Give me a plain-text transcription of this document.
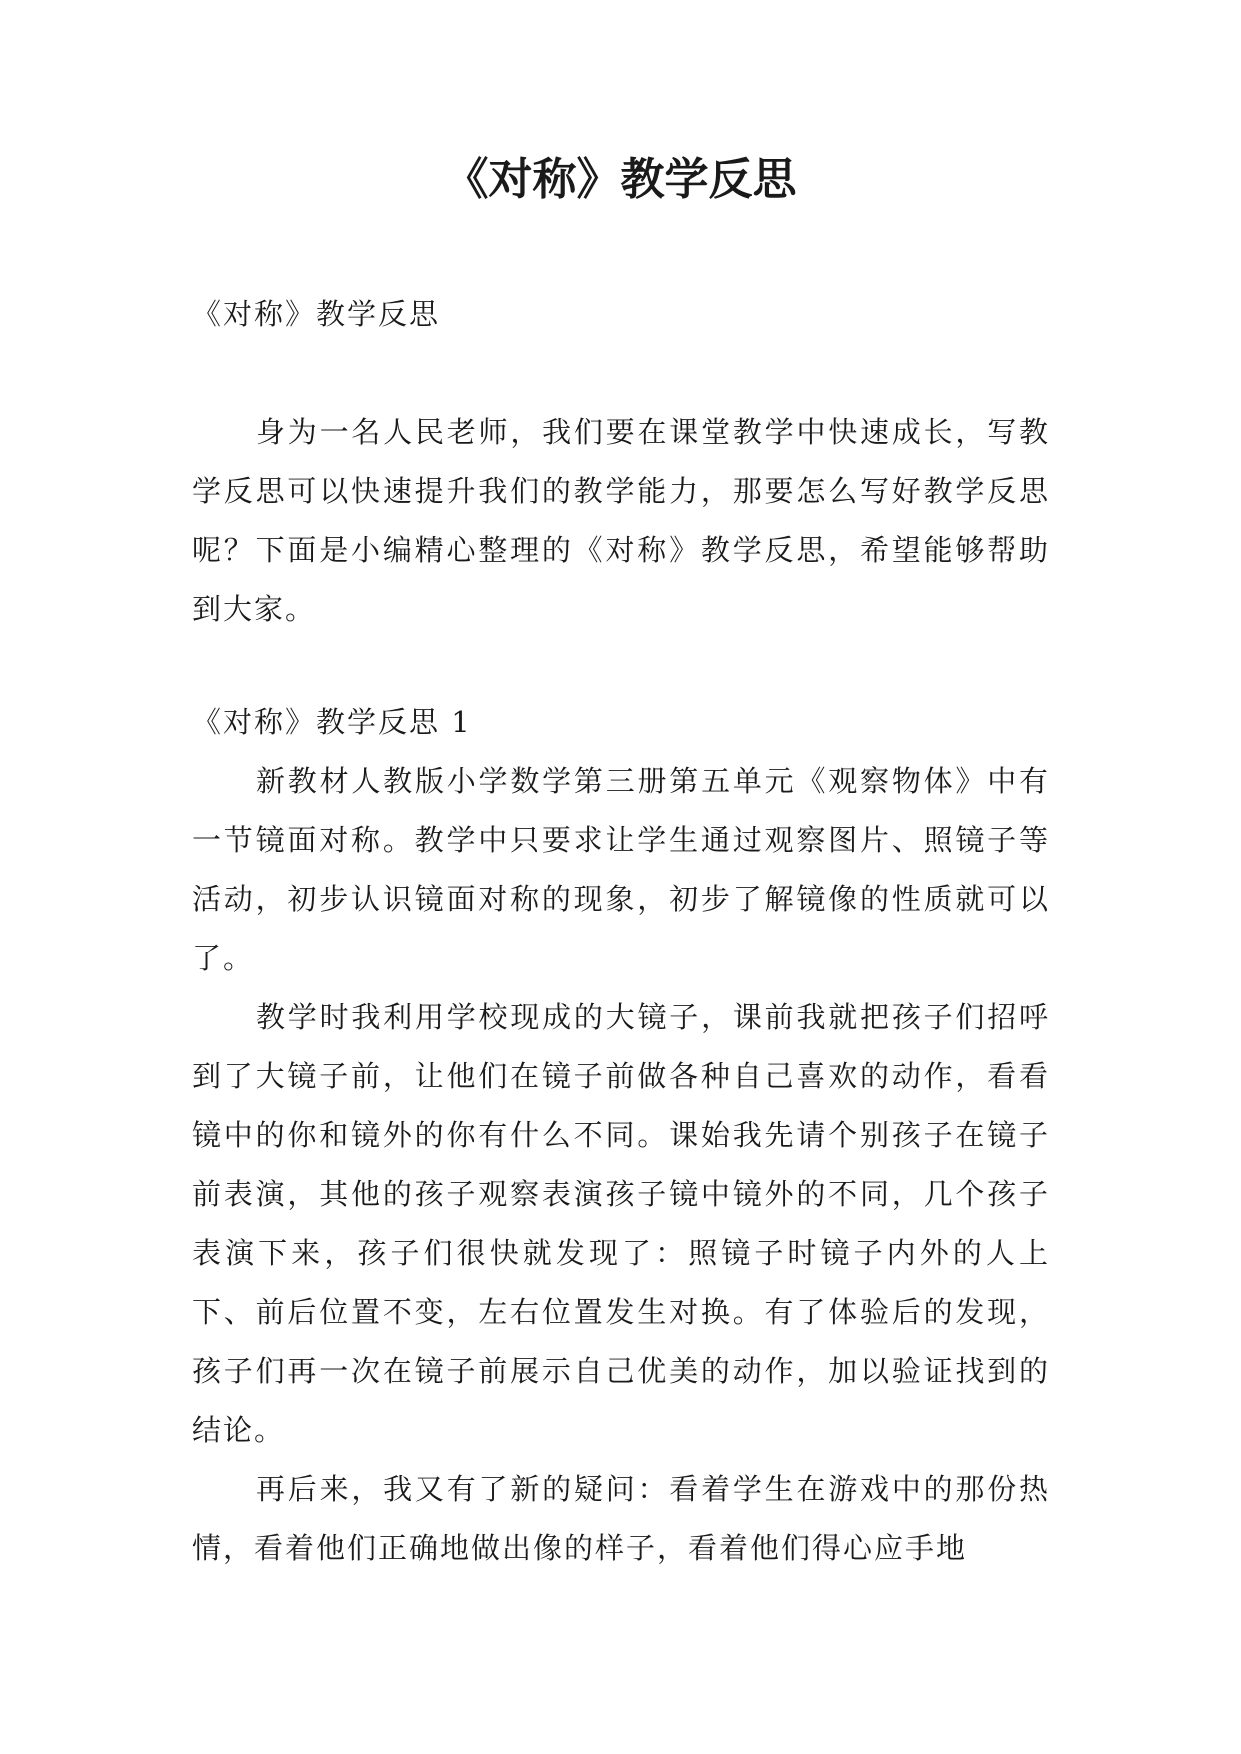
《对称》教学反思

《对称》教学反思

身为一名人民老师，我们要在课堂教学中快速成长，写教学反思可以快速提升我们的教学能力，那要怎么写好教学反思呢？下面是小编精心整理的《对称》教学反思，希望能够帮助到大家。

《对称》教学反思 1

新教材人教版小学数学第三册第五单元《观察物体》中有一节镜面对称。教学中只要求让学生通过观察图片、照镜子等活动，初步认识镜面对称的现象，初步了解镜像的性质就可以了。

教学时我利用学校现成的大镜子，课前我就把孩子们招呼到了大镜子前，让他们在镜子前做各种自己喜欢的动作，看看镜中的你和镜外的你有什么不同。课始我先请个别孩子在镜子前表演，其他的孩子观察表演孩子镜中镜外的不同，几个孩子表演下来，孩子们很快就发现了：照镜子时镜子内外的人上下、前后位置不变，左右位置发生对换。有了体验后的发现，孩子们再一次在镜子前展示自己优美的动作，加以验证找到的结论。

再后来，我又有了新的疑问：看着学生在游戏中的那份热情，看着他们正确地做出像的样子，看着他们得心应手地
